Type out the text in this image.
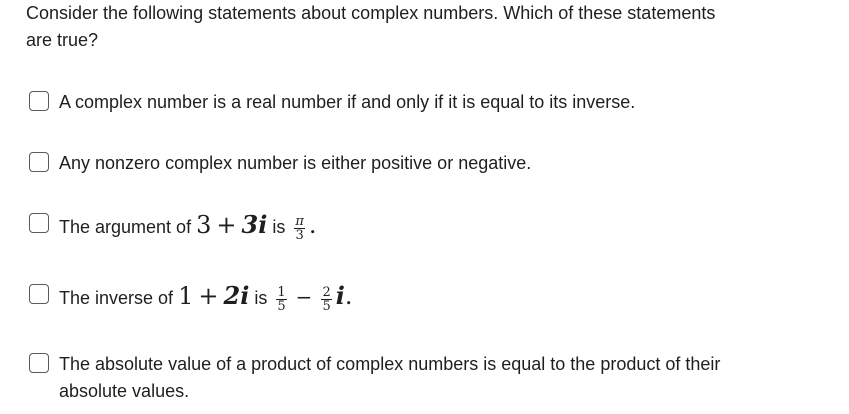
Consider the following statements about complex numbers. Which of these statements are true?
A complex number is a real number if and only if it is equal to its inverse.
Any nonzero complex number is either positive or negative.
The argument of 3 + 3i is $\frac{\pi}{3}$ .
The inverse of 1 + 2i is $\frac{1}{5} - \frac{2}{5} i$.
The absolute value of a product of complex numbers is equal to the product of their absolute values.
